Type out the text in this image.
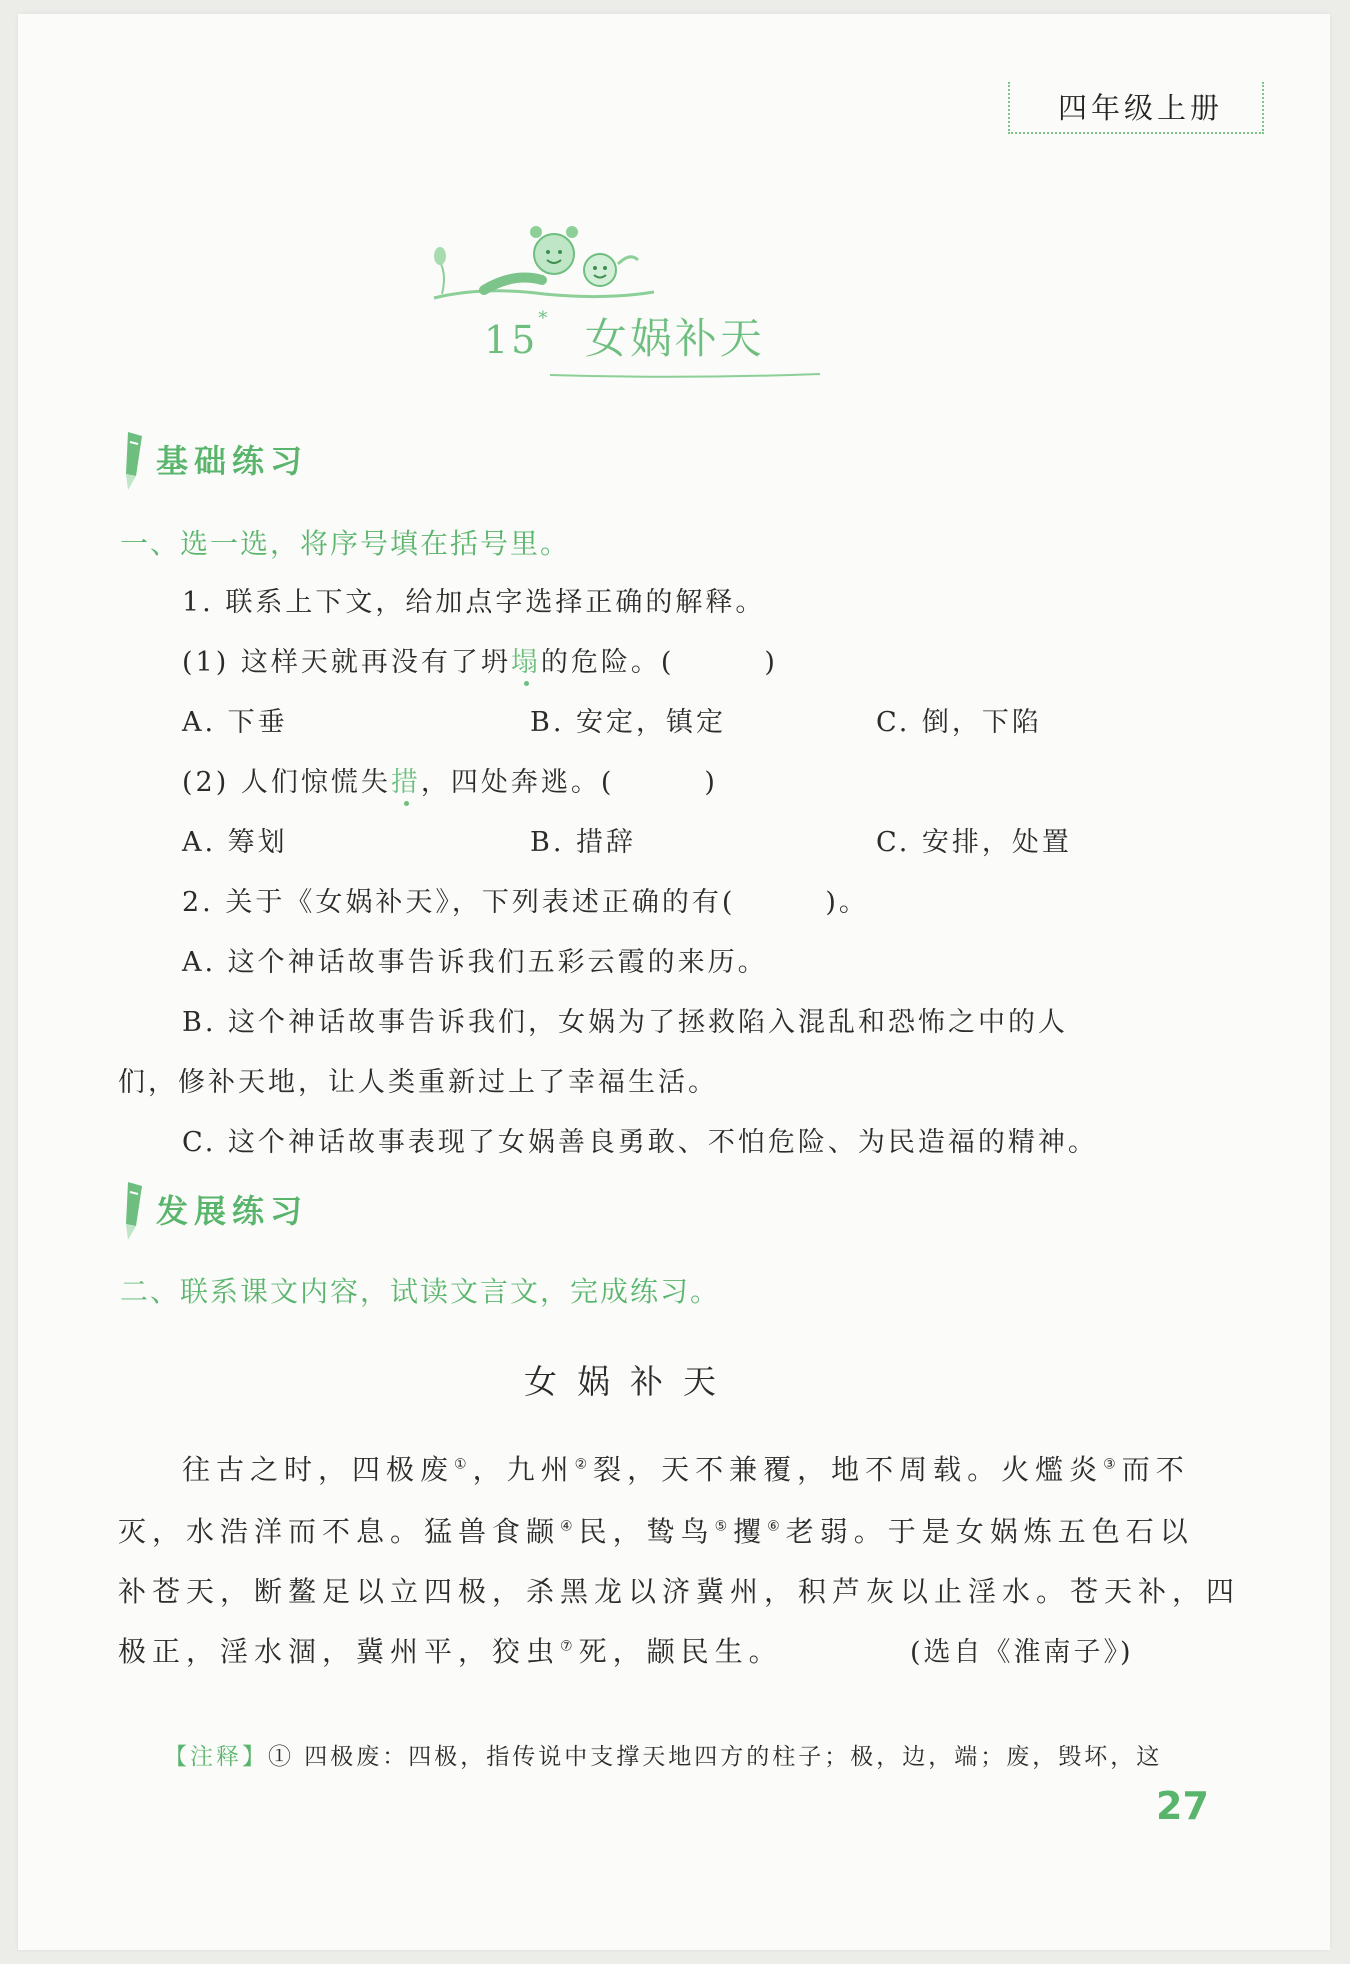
四年级上册
15* 女娲补天
基础练习
一、选一选，将序号填在括号里。
1. 联系上下文，给加点字选择正确的解释。
(1) 这样天就再没有了坍塌的危险。(　　　)
A. 下垂	B. 安定，镇定	C. 倒，下陷
(2) 人们惊慌失措，四处奔逃。(　　　)
A. 筹划	B. 措辞	C. 安排，处置
2. 关于《女娲补天》，下列表述正确的有(　　　)。
A. 这个神话故事告诉我们五彩云霞的来历。
B. 这个神话故事告诉我们，女娲为了拯救陷入混乱和恐怖之中的人
们，修补天地，让人类重新过上了幸福生活。
C. 这个神话故事表现了女娲善良勇敢、不怕危险、为民造福的精神。
发展练习
二、联系课文内容，试读文言文，完成练习。
女娲补天
往古之时，四极废①，九州②裂，天不兼覆，地不周载。火爁炎③而不
灭，水浩洋而不息。猛兽食颛④民，鸷鸟⑤攫⑥老弱。于是女娲炼五色石以
补苍天，断鳌足以立四极，杀黑龙以济冀州，积芦灰以止淫水。苍天补，四
极正，淫水涸，冀州平，狡虫⑦死，颛民生。	(选自《淮南子》)
【注释】① 四极废：四极，指传说中支撑天地四方的柱子；极，边，端；废，毁坏，这
27
